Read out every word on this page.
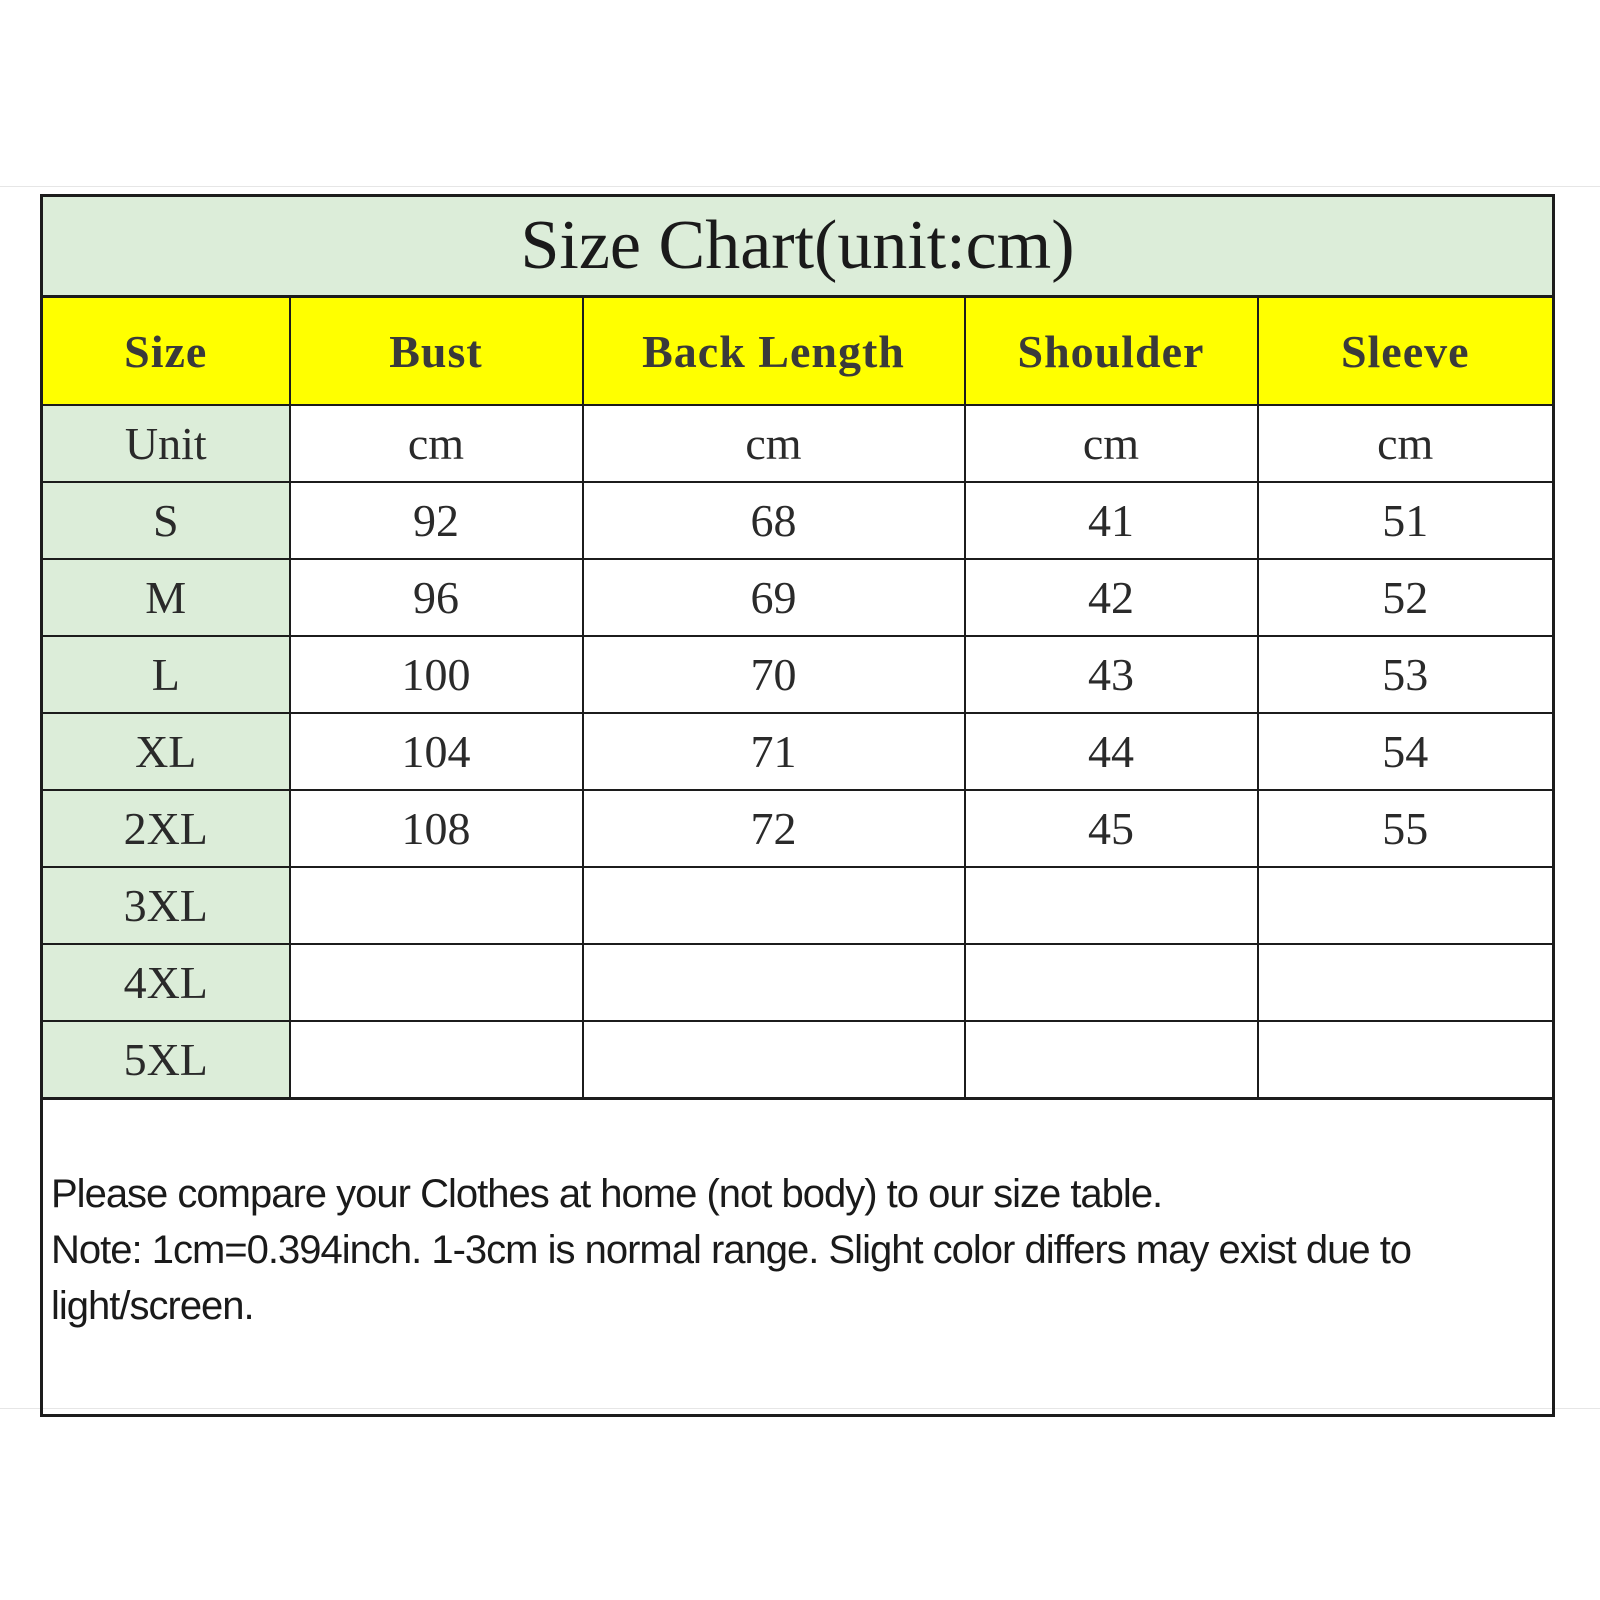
Size Chart(unit:cm)				
Size	Bust	Back Length	Shoulder	Sleeve
Unit	cm	cm	cm	cm
S	92	68	41	51
M	96	69	42	52
L	100	70	43	53
XL	104	71	44	54
2XL	108	72	45	55
3XL				
4XL				
5XL				

Please compare your Clothes at home (not body) to our size table.
Note: 1cm=0.394inch. 1-3cm is normal range. Slight color differs may exist due to light/screen.				
